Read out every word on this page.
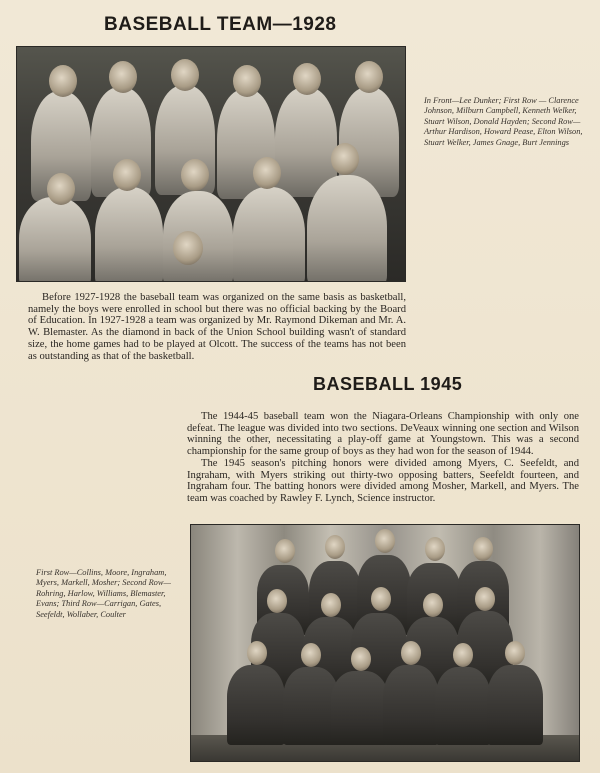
BASEBALL TEAM—1928
In Front—Lee Dunker; First Row — Clarence Johnson, Milburn Campbell, Kenneth Welker, Stuart Wilson, Donald Hayden; Second Row—Arthur Hardison, Howard Pease, Elton Wilson, Stuart Welker, James Gnage, Burt Jennings

Before 1927-1928 the baseball team was organized on the same basis as basketball, namely the boys were enrolled in school but there was no official backing by the Board of Education. In 1927-1928 a team was organized by Mr. Raymond Dikeman and Mr. A. W. Blemaster. As the diamond in back of the Union School building wasn't of standard size, the home games had to be played at Olcott. The success of the teams has not been as outstanding as that of the basketball.

BASEBALL 1945

The 1944-45 baseball team won the Niagara-Orleans Championship with only one defeat. The league was divided into two sections. DeVeaux winning one section and Wilson winning the other, necessitating a play-off game at Youngstown. This was a second championship for the same group of boys as they had won for the season of 1944.

The 1945 season's pitching honors were divided among Myers, C. Seefeldt, and Ingraham, with Myers striking out thirty-two opposing batters, Seefeldt fourteen, and Ingraham four. The batting honors were divided among Mosher, Markell, and Myers. The team was coached by Rawley F. Lynch, Science instructor.

First Row—Collins, Moore, Ingraham, Myers, Markell, Mosher; Second Row—Rohring, Harlow, Williams, Blemaster, Evans; Third Row—Carrigan, Gates, Seefeldt, Wollaber, Coulter
